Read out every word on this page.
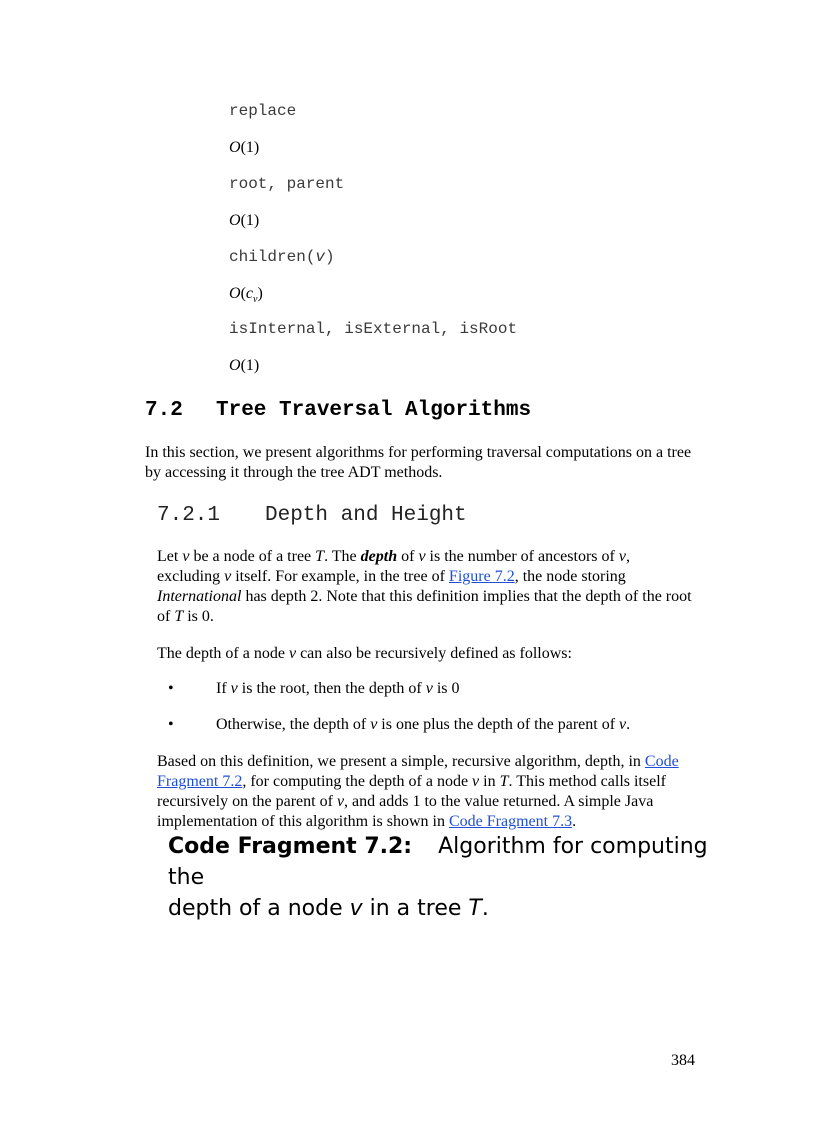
replace
O(1)
root, parent
O(1)
children(v)
$O(c_v)$
isInternal, isExternal, isRoot
O(1)
7.2 Tree Traversal Algorithms
In this section, we present algorithms for performing traversal computations on a tree by accessing it through the tree ADT methods.
7.2.1 Depth and Height
Let v be a node of a tree T. The depth of v is the number of ancestors of v,
excluding v itself. For example, in the tree of Figure 7.2, the node storing
International has depth 2. Note that this definition implies that the depth of the root
of T is 0.
The depth of a node v can also be recursively defined as follows:
•	If v is the root, then the depth of v is 0
•	Otherwise, the depth of v is one plus the depth of the parent of v.
Based on this definition, we present a simple, recursive algorithm, depth, in Code
Fragment 7.2, for computing the depth of a node v in T. This method calls itself
recursively on the parent of v, and adds 1 to the value returned. A simple Java
implementation of this algorithm is shown in Code Fragment 7.3.
Code Fragment 7.2: Algorithm for computing the
depth of a node v in a tree T.
384
